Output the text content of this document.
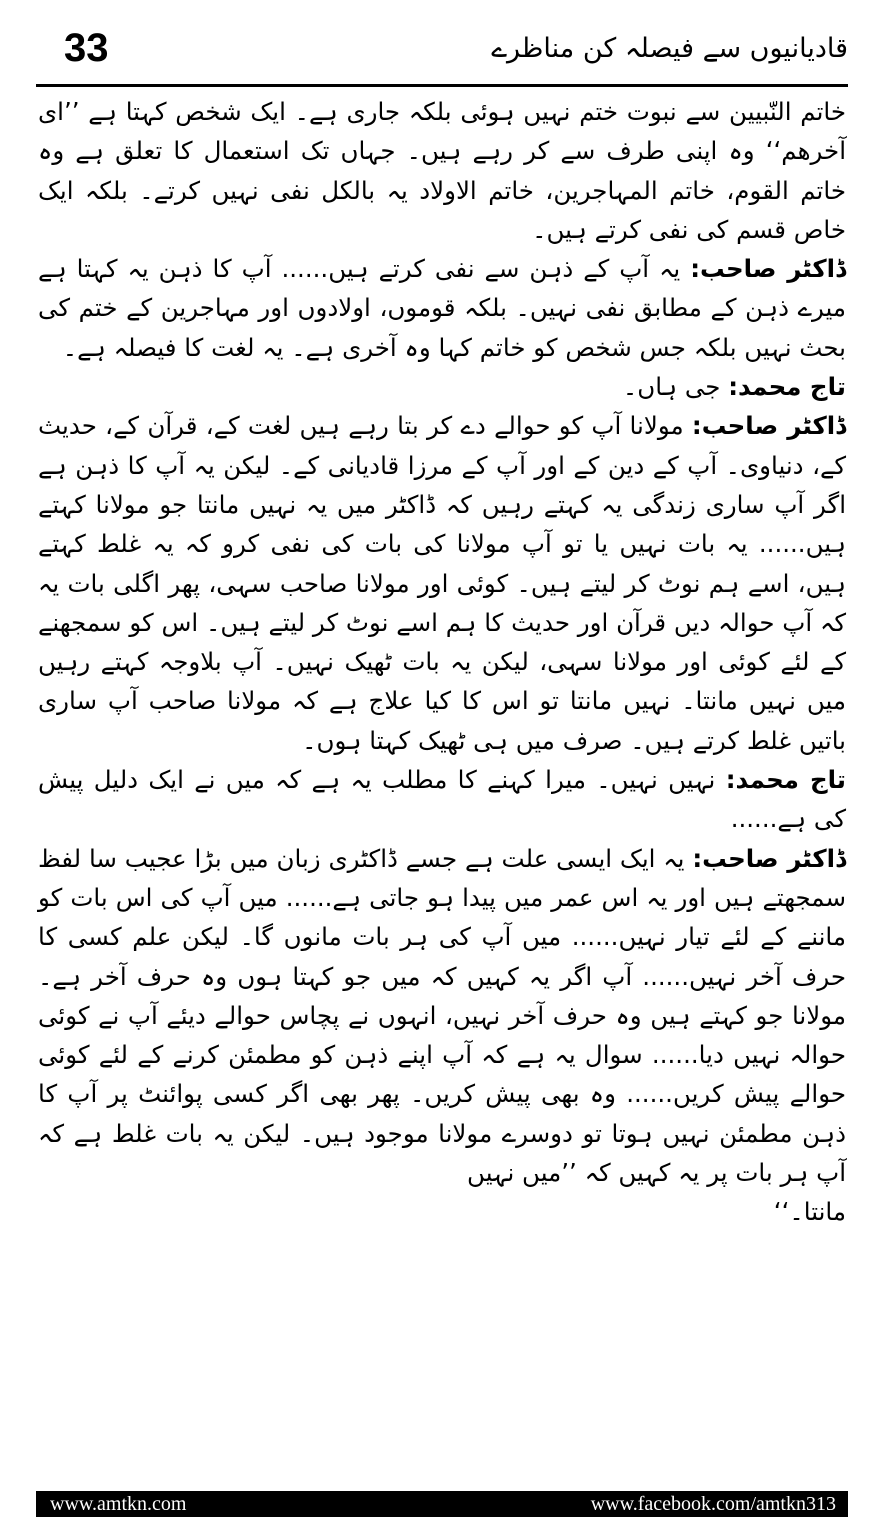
33	قادیانیوں سے فیصلہ کن مناظرے

خاتم النّبیین سے نبوت ختم نہیں ہوئی بلکہ جاری ہے۔ ایک شخص کہتا ہے ’’ای آخرھم‘‘ وہ اپنی طرف سے کر رہے ہیں۔ جہاں تک استعمال کا تعلق ہے وہ خاتم القوم، خاتم المہاجرین، خاتم الاولاد یہ بالکل نفی نہیں کرتے۔ بلکہ ایک خاص قسم کی نفی کرتے ہیں۔

ڈاکٹر صاحب: یہ آپ کے ذہن سے نفی کرتے ہیں...... آپ کا ذہن یہ کہتا ہے میرے ذہن کے مطابق نفی نہیں۔ بلکہ قوموں، اولادوں اور مہاجرین کے ختم کی بحث نہیں بلکہ جس شخص کو خاتم کہا وہ آخری ہے۔ یہ لغت کا فیصلہ ہے۔

تاج محمد: جی ہاں۔

ڈاکٹر صاحب: مولانا آپ کو حوالے دے کر بتا رہے ہیں لغت کے، قرآن کے، حدیث کے، دنیاوی۔ آپ کے دین کے اور آپ کے مرزا قادیانی کے۔ لیکن یہ آپ کا ذہن ہے اگر آپ ساری زندگی یہ کہتے رہیں کہ ڈاکٹر میں یہ نہیں مانتا جو مولانا کہتے ہیں...... یہ بات نہیں یا تو آپ مولانا کی بات کی نفی کرو کہ یہ غلط کہتے ہیں، اسے ہم نوٹ کر لیتے ہیں۔ کوئی اور مولانا صاحب سہی، پھر اگلی بات یہ کہ آپ حوالہ دیں قرآن اور حدیث کا ہم اسے نوٹ کر لیتے ہیں۔ اس کو سمجھنے کے لئے کوئی اور مولانا سہی، لیکن یہ بات ٹھیک نہیں۔ آپ بلاوجہ کہتے رہیں میں نہیں مانتا۔ نہیں مانتا تو اس کا کیا علاج ہے کہ مولانا صاحب آپ ساری باتیں غلط کرتے ہیں۔ صرف میں ہی ٹھیک کہتا ہوں۔

تاج محمد: نہیں نہیں۔ میرا کہنے کا مطلب یہ ہے کہ میں نے ایک دلیل پیش کی ہے......

ڈاکٹر صاحب: یہ ایک ایسی علت ہے جسے ڈاکٹری زبان میں بڑا عجیب سا لفظ سمجھتے ہیں اور یہ اس عمر میں پیدا ہو جاتی ہے...... میں آپ کی اس بات کو ماننے کے لئے تیار نہیں...... میں آپ کی ہر بات مانوں گا۔ لیکن علم کسی کا حرف آخر نہیں...... آپ اگر یہ کہیں کہ میں جو کہتا ہوں وہ حرف آخر ہے۔ مولانا جو کہتے ہیں وہ حرف آخر نہیں، انہوں نے پچاس حوالے دیئے آپ نے کوئی حوالہ نہیں دیا...... سوال یہ ہے کہ آپ اپنے ذہن کو مطمئن کرنے کے لئے کوئی حوالے پیش کریں...... وہ بھی پیش کریں۔ پھر بھی اگر کسی پوائنٹ پر آپ کا ذہن مطمئن نہیں ہوتا تو دوسرے مولانا موجود ہیں۔ لیکن یہ بات غلط ہے کہ آپ ہر بات پر یہ کہیں کہ ’’میں نہیں

مانتا۔‘‘

www.amtkn.com	www.facebook.com/amtkn313
